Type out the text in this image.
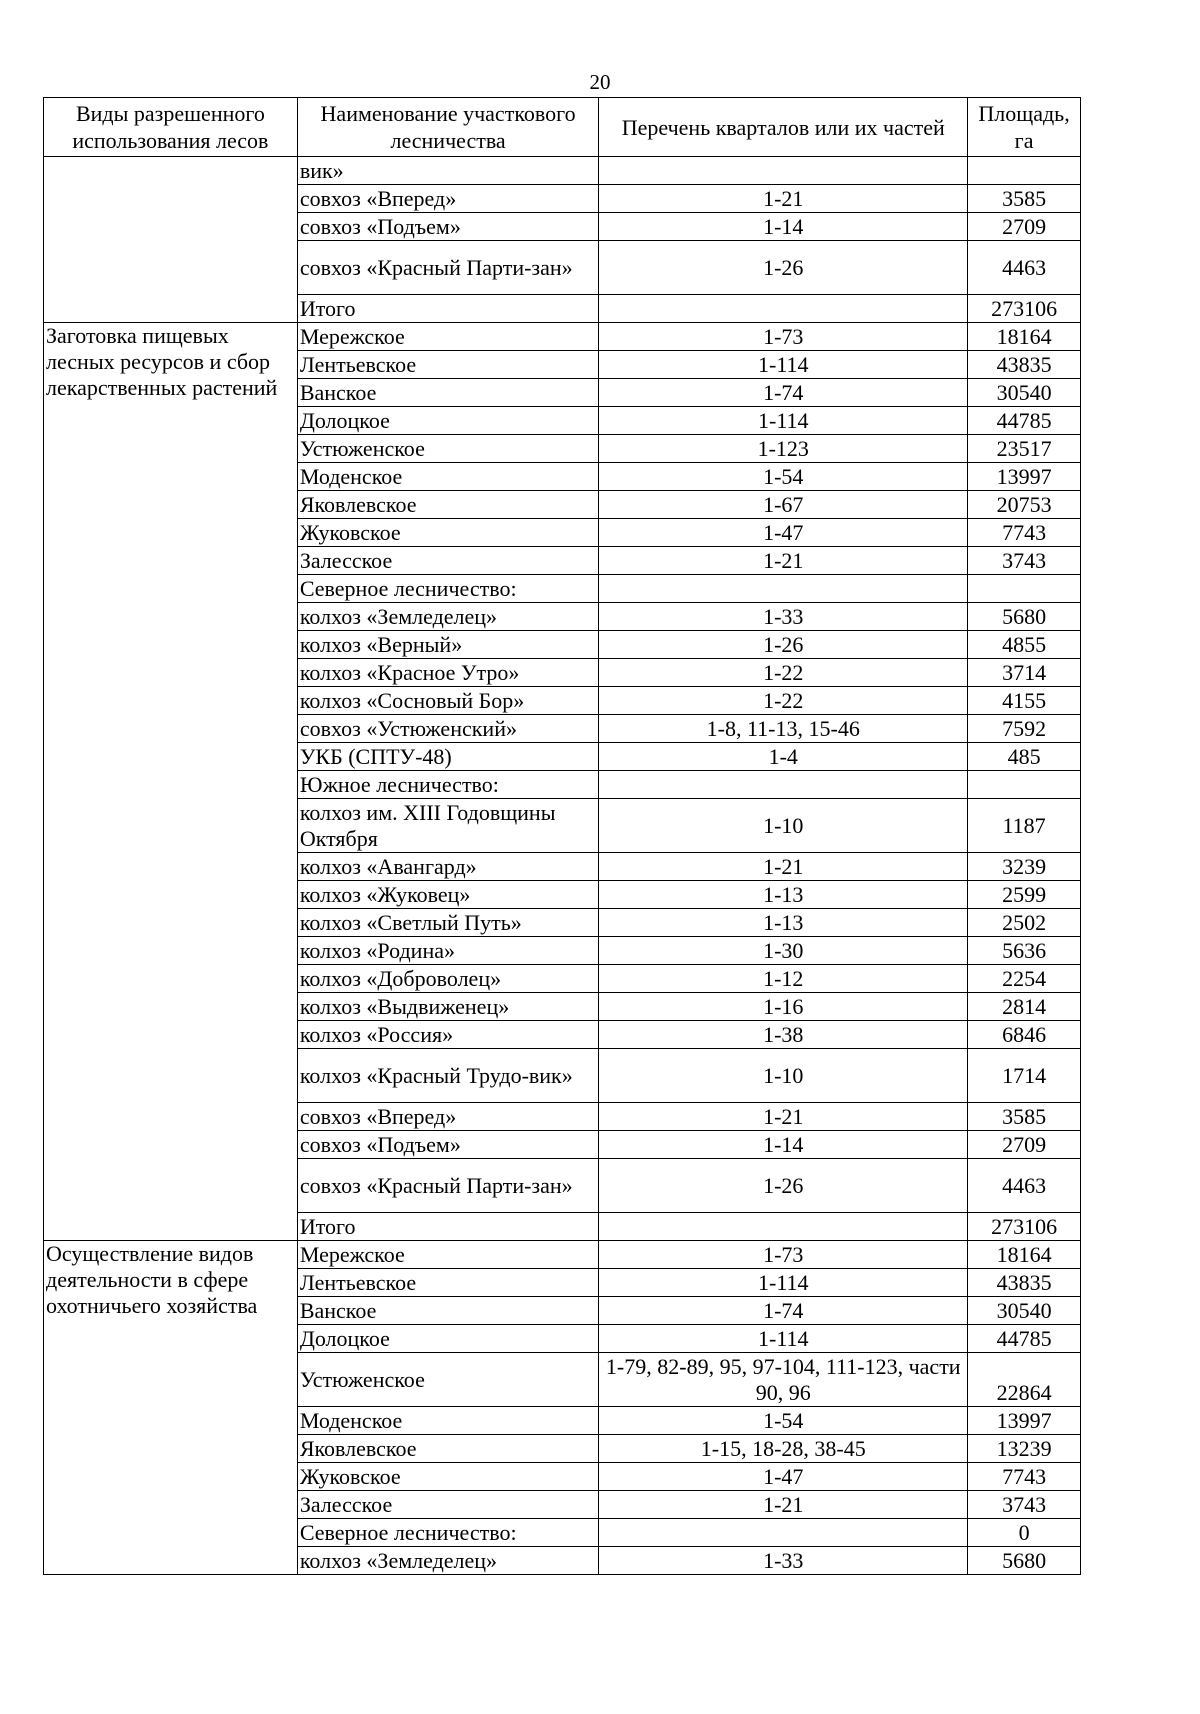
20
Виды разрешенного использования лесов	Наименование участкового лесничества	Перечень кварталов или их частей	Площадь, га
	вик»		
	совхоз «Вперед»	1-21	3585
	совхоз «Подъем»	1-14	2709
	совхоз «Красный Парти-зан»	1-26	4463
	Итого		273106
Заготовка пищевых лесных ресурсов и сбор лекарственных растений	Мережское	1-73	18164
	Лентьевское	1-114	43835
	Ванское	1-74	30540
	Долоцкое	1-114	44785
	Устюженское	1-123	23517
	Моденское	1-54	13997
	Яковлевское	1-67	20753
	Жуковское	1-47	7743
	Залесское	1-21	3743
	Северное лесничество:		
	колхоз «Земледелец»	1-33	5680
	колхоз «Верный»	1-26	4855
	колхоз «Красное Утро»	1-22	3714
	колхоз «Сосновый Бор»	1-22	4155
	совхоз «Устюженский»	1-8, 11-13, 15-46	7592
	УКБ (СПТУ-48)	1-4	485
	Южное лесничество:		
	колхоз им. XIII Годовщины Октября	1-10	1187
	колхоз «Авангард»	1-21	3239
	колхоз «Жуковец»	1-13	2599
	колхоз «Светлый Путь»	1-13	2502
	колхоз «Родина»	1-30	5636
	колхоз «Доброволец»	1-12	2254
	колхоз «Выдвиженец»	1-16	2814
	колхоз «Россия»	1-38	6846
	колхоз «Красный Трудо-вик»	1-10	1714
	совхоз «Вперед»	1-21	3585
	совхоз «Подъем»	1-14	2709
	совхоз «Красный Парти-зан»	1-26	4463
	Итого		273106
Осуществление видов деятельности в сфере охотничьего хозяйства	Мережское	1-73	18164
	Лентьевское	1-114	43835
	Ванское	1-74	30540
	Долоцкое	1-114	44785
	Устюженское	1-79, 82-89, 95, 97-104, 111-123, части 90, 96	22864
	Моденское	1-54	13997
	Яковлевское	1-15, 18-28, 38-45	13239
	Жуковское	1-47	7743
	Залесское	1-21	3743
	Северное лесничество:		0
	колхоз «Земледелец»	1-33	5680
